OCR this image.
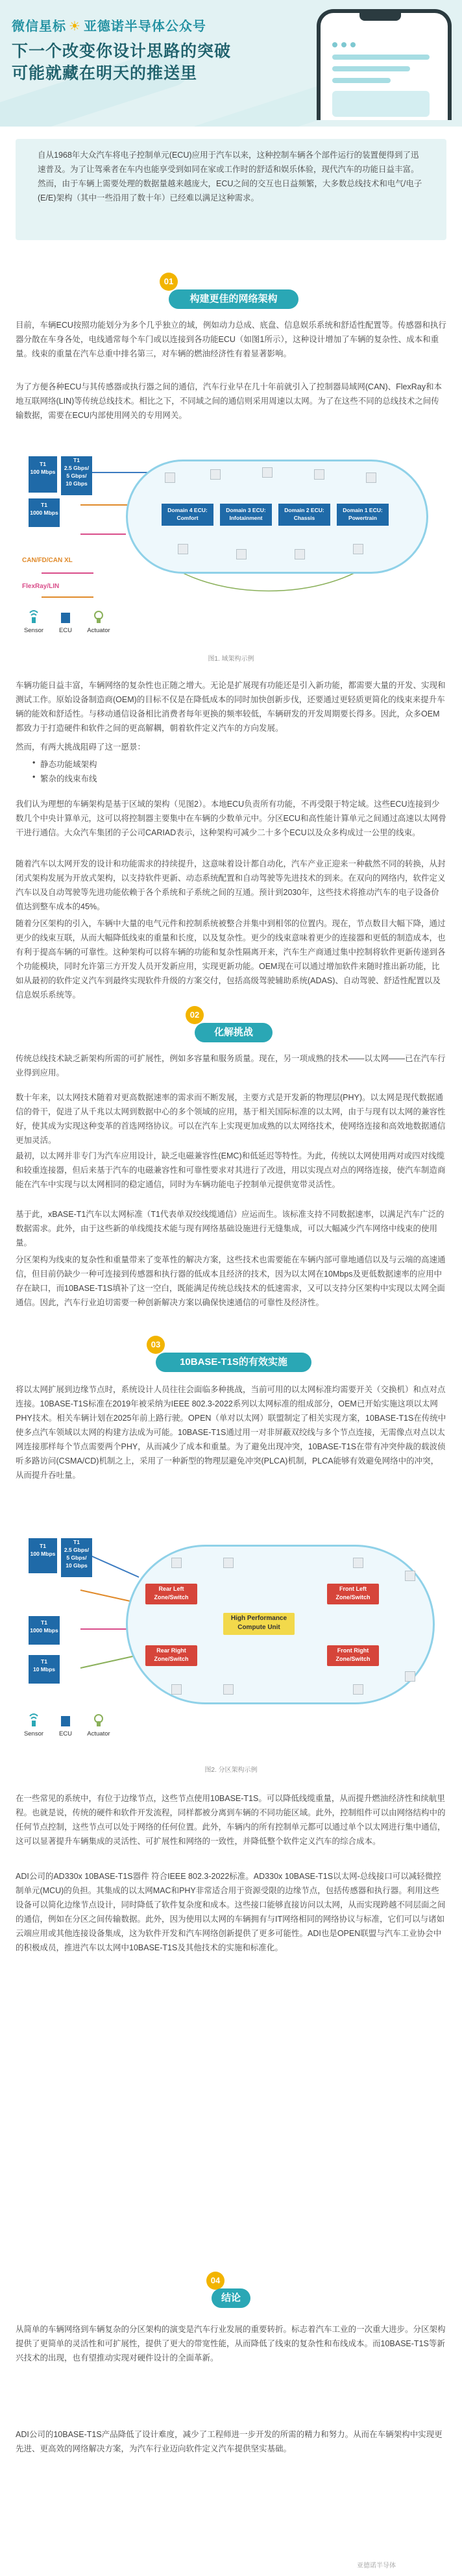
微信星标 ☀ 亚德诺半导体公众号
下一个改变你设计思路的突破
可能就藏在明天的推送里

自从1968年大众汽车将电子控制单元(ECU)应用于汽车以来，这种控制车辆各个部件运行的装置便得到了迅速普及。为了让驾乘者在车内也能享受到如同在家或工作时的舒适和娱乐体验，现代汽车的功能日益丰富。然而，由于车辆上需要处理的数据量越来越庞大，ECU之间的交互也日益频繁，大多数总线技术和电气/电子(E/E)架构（其中一些沿用了数十年）已经难以满足这种需求。

01
构建更佳的网络架构

目前，车辆ECU按照功能划分为多个几乎独立的域，例如动力总成、底盘、信息娱乐系统和舒适性配置等。传感器和执行器分散在车身各处，电线通常每个车门或以连接到各功能ECU（如图1所示），这种设计增加了车辆的复杂性、成本和重量。线束的重量在汽车总重中排名第三，对车辆的燃油经济性有着显著影响。

为了方便各种ECU与其传感器或执行器之间的通信，汽车行业早在几十年前就引入了控制器局域网(CAN)、FlexRay和本地互联网络(LIN)等传统总线技术。相比之下，不同域之间的通信则采用周速以太网。为了在这些不同的总线技术之间传输数据，需要在ECU内部使用网关的专用网关。

T1
100 Mbps
T1
2.5 Gbps/
5 Gbps/
10 Gbps
T1
1000 Mbps
CAN/FD/CAN XL
FlexRay/LIN
Domain 4 ECU:
Comfort
Domain 3 ECU:
Infotainment
Domain 2 ECU:
Chassis
Domain 1 ECU:
Powertrain
Sensor	ECU	Actuator
图1. 域架构示例

车辆功能日益丰富，车辆网络的复杂性也正随之增大。无论是扩展现有功能还是引入新功能，都需要大量的开发、实现和测试工作。原始设备制造商(OEM)的目标不仅是在降低成本的同时加快创新步伐，还要通过更轻质更简化的线束来提升车辆的能效和舒适性。与移动通信设备相比消费者每年更换的频率较低，车辆研发的开发周期要长得多。因此，众多OEM都致力于打造硬件和软件之间的更高解耦，朝着软件定义汽车的方向发展。

然而，有两大挑战阻碍了这一愿景：

• 静态功能域架构
• 繁杂的线束布线

我们认为理想的车辆架构是基于区域的架构（见图2）。本地ECU负责所有功能，不再受限于特定域。这些ECU连接到少数几个中央计算单元，这可以将控制器主要集中在车辆的少数单元中。分区ECU和高性能计算单元之间通过高速以太网骨干进行通信。大众汽车集团的子公司CARIAD表示，这种架构可减少二十多个ECU以及众多构成过一公里的线束。

随着汽车以太网开发的设计和功能需求的持续提升，这意味着设计都自动化，汽车产业正迎来一种截然不同的转换，从封闭式架构发展为开放式架构，以支持软件更新、动态系统配置和自动驾驶等先进技术的到来。在双向的网络内，软件定义汽车以及自动驾驶等先进功能依赖于各个系统和子系统之间的互通。预计到2030年，这些技术将推动汽车的电子设备价值达到整车成本的45%。

随着分区架构的引入，车辆中大量的电气元件和控制系统被整合并集中到相邻的位置内。现在，节点数目大幅下降，通过更少的线束互联，从而大幅降低线束的重量和长度，以及复杂性。更少的线束意味着更少的连接器和更低的制造成本，也有利于提高车辆的可靠性。这种架构可以将车辆的功能和复杂性隔离开来，汽车生产商通过集中控制将软件更新传递到各个功能模块，同时允许第三方开发人员开发新应用，实现更新功能。OEM现在可以通过增加软件来随时推出新功能，比如从最初的软件定义汽车到最终实现软件升级的方案交付，包括高级驾驶辅助系统(ADAS)、自动驾驶、舒适性配置以及信息娱乐系统等。

02
化解挑战

传统总线技术缺乏新架构所需的可扩展性，例如多容量和服务质量。现在，另一项成熟的技术——以太网——已在汽车行业得到应用。

数十年来，以太网技术随着对更高数据速率的需求而不断发展，主要方式是开发新的物理层(PHY)。以太网是现代数据通信的骨干，促进了从千兆以太网到数据中心的多个领域的应用，基于相关国际标准的以太网，由于与现有以太网的兼容性好，使其成为实现这种变革的首选网络协议。可以在汽车上实现更加成熟的以太网络技术，使网络连接和高效地数据通信更加灵活。

最初，以太网并非专门为汽车应用设计，缺乏电磁兼容性(EMC)和低延迟等特性。为此，传统以太网使用两对或四对线缆和较重连接器，但后来基于汽车的电磁兼容性和可靠性要求对其进行了改进，用以实现点对点的网络连接，使汽车制造商能在汽车中实现与以太网相同的稳定通信，同时为车辆功能电子控制单元提供宽带灵活性。

基于此，xBASE-T1汽车以太网标准（T1代表单双绞线缆通信）应运而生。该标准支持不同数据速率，以满足汽车广泛的数据需求。此外，由于这些新的单线缆技术能与现有网络基础设施进行无缝集成，可以大幅减少汽车网络中线束的使用量。

分区架构为线束的复杂性和重量带来了变革性的解决方案，这些技术也需要能在车辆内部可靠地通信以及与云端的高速通信，但目前仍缺少一种可连接到传感器和执行器的低成本且经济的技术，因为以太网在10Mbps及更低数据速率的应用中存在缺口，而10BASE-T1S填补了这一空白，既能满足传统总线技术的低速需求，又可以支持分区架构中实现以太网全面通信。因此，汽车行业迫切需要一种创新解决方案以确保快速通信的可靠性及经济性。

03
10BASE-T1S的有效实施

将以太网扩展到边缘节点时，系统设计人员往往会面临多种挑战，当前可用的以太网标准均需要开关（交换机）和点对点连接。10BASE-T1S标准在2019年被采纳为IEEE 802.3-2022系列以太网标准的组成部分，OEM已开始实施这项以太网PHY技术。相关车辆计划在2025年前上路行驶。OPEN（单对以太网）联盟制定了相关实现方案，10BASE-T1S在传统中使多点汽车领域以太网的构建方法成为可能。10BASE-T1S通过用一对非屏蔽双绞线与多个节点连接，无需像点对点以太网连接那样每个节点需要两个PHY，从而减少了成本和重量。为了避免出现冲突，10BASE-T1S在带有冲突仲裁的载波侦听多路访问(CSMA/CD)机制之上，采用了一种新型的物理层避免冲突(PLCA)机制，PLCA能够有效避免网络中的冲突，从而提升吞吐量。

T1
100 Mbps
T1
2.5 Gbps/
5 Gbps/
10 Gbps
T1
1000 Mbps
T1
10 Mbps
Rear Left
Zone/Switch
Front Left
Zone/Switch
Rear Right
Zone/Switch
Front Right
Zone/Switch
High Performance
Compute Unit
Sensor	ECU	Actuator
图2. 分区架构示例

在一些常见的系统中，有位于边缘节点，这些节点使用10BASE-T1S。可以降低线缆重量，从而提升燃油经济性和续航里程。也就是说，传统的硬件和软件开发流程，同样都被分离到车辆的不同功能区域。此外，控制组件可以由网络结构中的任何节点控制，这些节点可以处于网络的任何位置。此外，车辆内的所有控制单元都可以通过单个以太网进行集中通信，这可以显著提升车辆集成的灵活性、可扩展性和网络的一致性，并降低整个软件定义汽车的综合成本。

ADI公司的AD330x 10BASE-T1S器件 符合IEEE 802.3-2022标准。AD330x 10BASE-T1S以太网-总线接口可以减轻微控制单元(MCU)的负担。其集成的以太网MAC和PHY非常适合用于资源受限的边缘节点，包括传感器和执行器。利用这些设备可以简化边缘节点设计，同时降低了软件复杂度和成本。这些接口能够直接访问以太网，从而实现跨越不同层面之间的通信，例如在分区之间传输数据。此外，因为使用以太网的车辆拥有与IT网络相同的网络协议与标准，它们可以与诸如云端应用或其他连接设备集成，这为软件开发和汽车网络创新提供了更多可能性。ADI也是OPEN联盟与汽车工业协会中的积极成员，推进汽车以太网中10BASE-T1S及其他技术的实施和标准化。

04
结论

从简单的车辆网络到车辆复杂的分区架构的演变是汽车行业发展的重要转折。标志着汽车工业的一次重大进步。分区架构提供了更简单的灵活性和可扩展性，提供了更大的带宽性能，从而降低了线束的复杂性和布线成本。而10BASE-T1S等新兴技术的出现，也有望推动实现对硬件设计的全面革新。

ADI公司的10BASE-T1S产品降低了设计难度，减少了工程师进一步开发的所需的精力和努力。从而在车辆架构中实现更先进、更高效的网络解决方案，为汽车行业迈向软件定义汽车提供坚实基础。

亚德诺半导体
